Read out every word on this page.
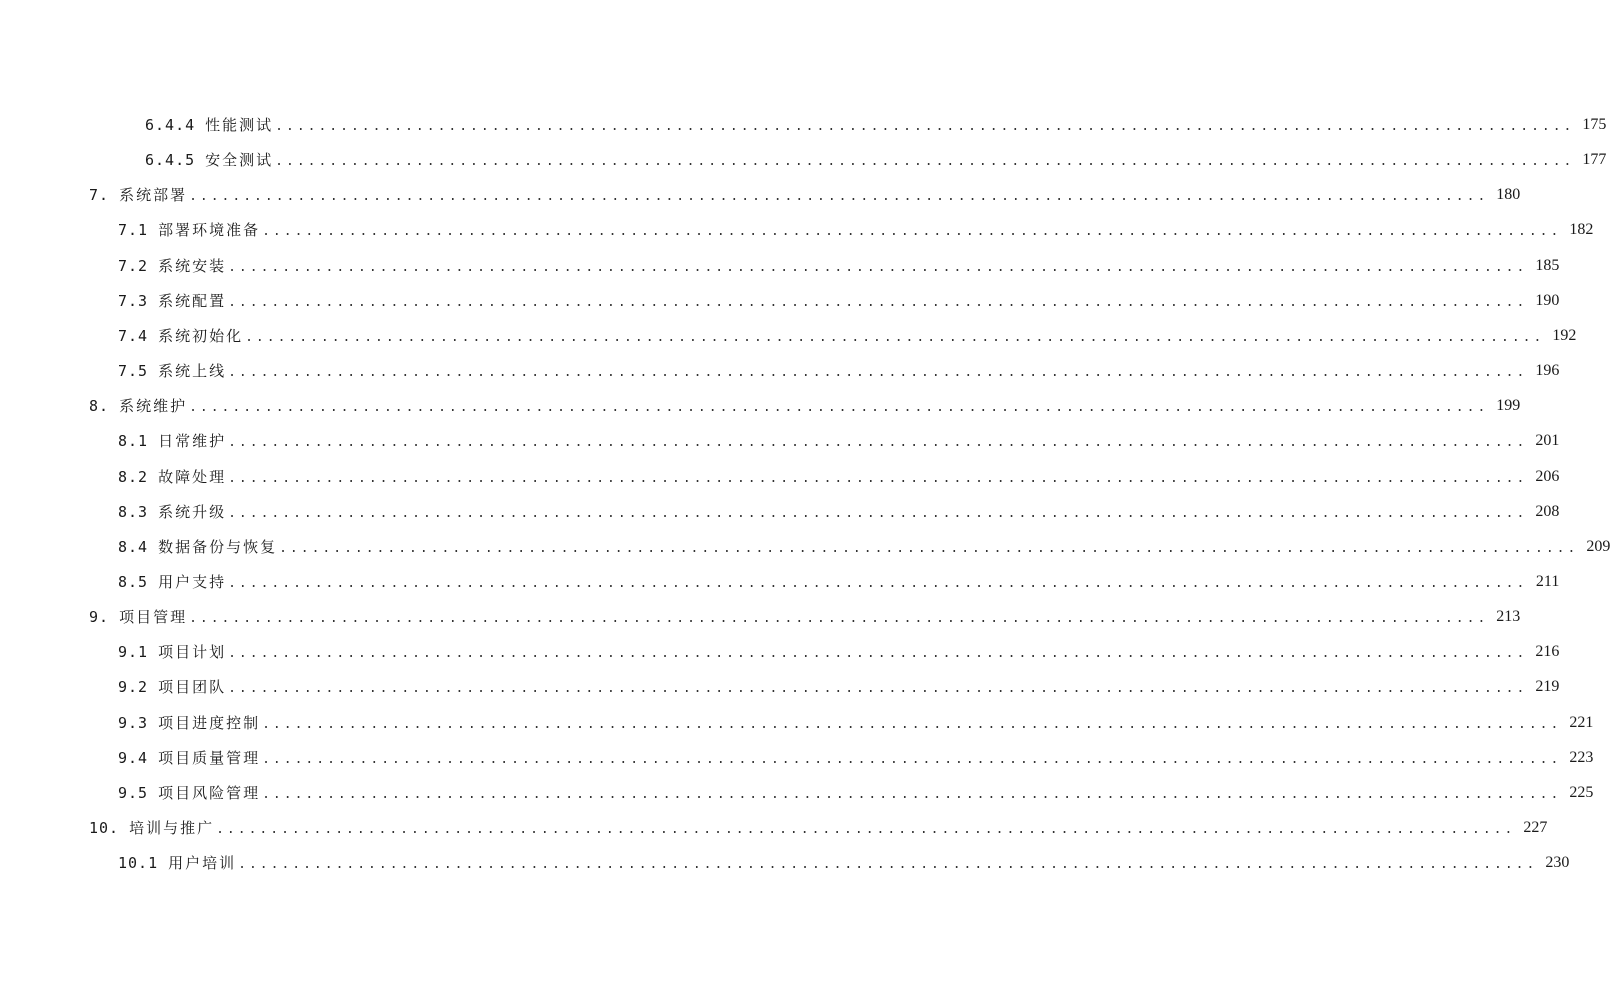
6.4.4 性能测试 ........................................................................................................................ 175
6.4.5 安全测试 ........................................................................................................................ 177
7. 系统部署 ........................................................................................................................ 180
7.1 部署环境准备 ........................................................................................................................ 182
7.2 系统安装 ........................................................................................................................ 185
7.3 系统配置 ........................................................................................................................ 190
7.4 系统初始化 ........................................................................................................................ 192
7.5 系统上线 ........................................................................................................................ 196
8. 系统维护 ........................................................................................................................ 199
8.1 日常维护 ........................................................................................................................ 201
8.2 故障处理 ........................................................................................................................ 206
8.3 系统升级 ........................................................................................................................ 208
8.4 数据备份与恢复 ........................................................................................................................ 209
8.5 用户支持 ........................................................................................................................ 211
9. 项目管理 ........................................................................................................................ 213
9.1 项目计划 ........................................................................................................................ 216
9.2 项目团队 ........................................................................................................................ 219
9.3 项目进度控制 ........................................................................................................................ 221
9.4 项目质量管理 ........................................................................................................................ 223
9.5 项目风险管理 ........................................................................................................................ 225
10. 培训与推广 ........................................................................................................................ 227
10.1 用户培训 ........................................................................................................................ 230
